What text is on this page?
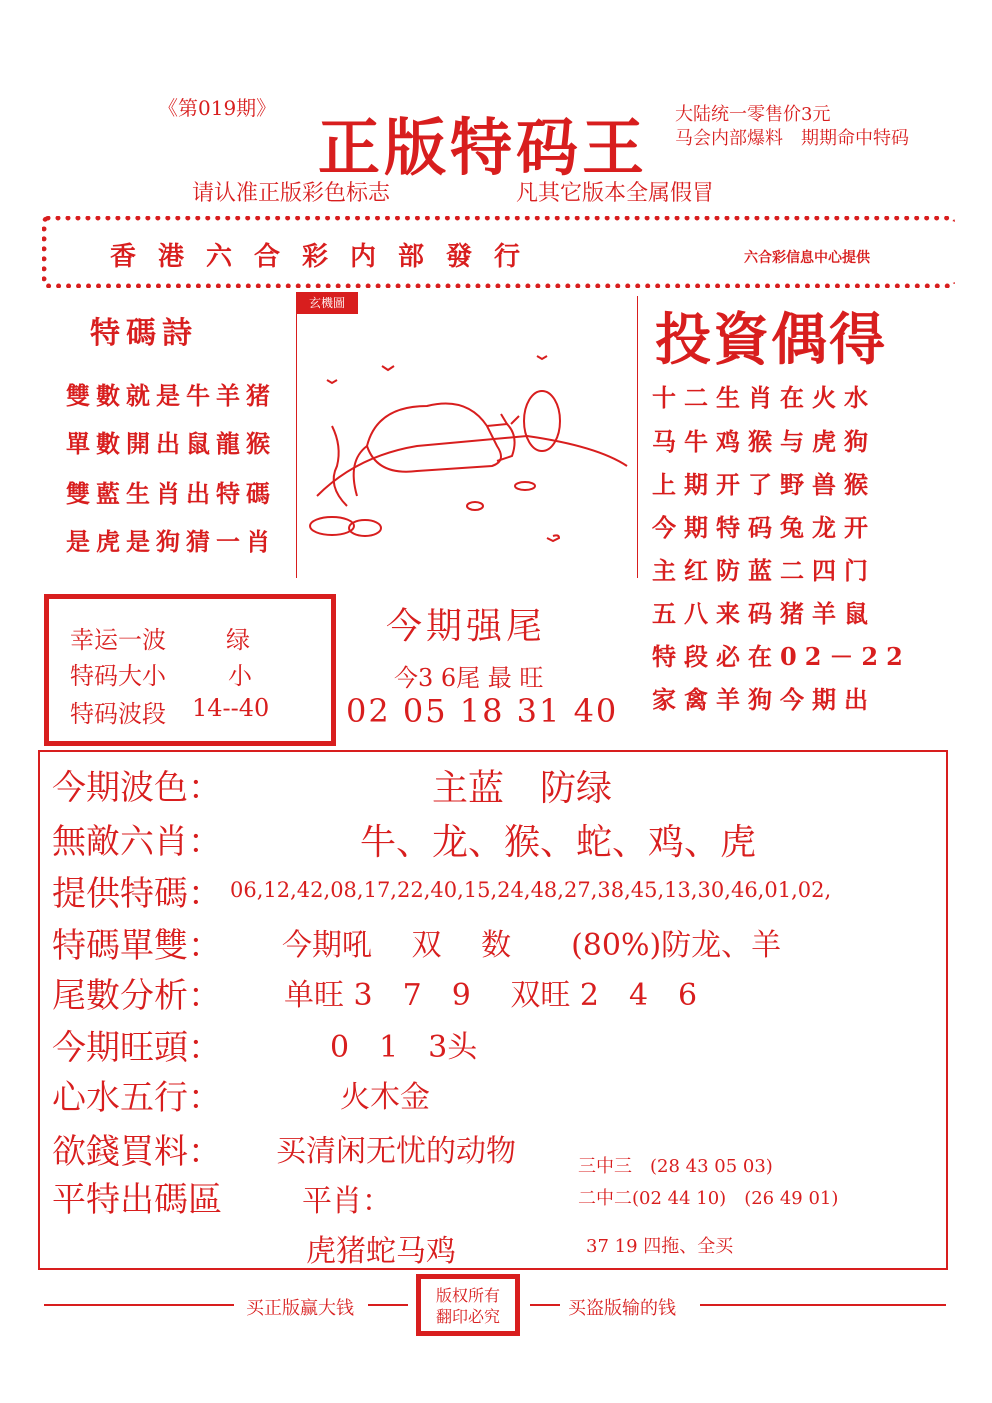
《第019期》
正版特码王 大陆统一零售价3元
马会内部爆料　期期命中特码
请认准正版彩色标志	凡其它版本全属假冒
香港六合彩内部發行	六合彩信息中心提供
特碼詩
雙數就是牛羊猪
單數開出鼠龍猴
雙藍生肖出特碼
是虎是狗猜一肖
玄機圖
投資偶得
十二生肖在火水
马牛鸡猴与虎狗
上期开了野兽猴
今期特码兔龙开
主红防蓝二四门
五八来码猪羊鼠
特段必在02－22
家禽羊狗今期出
幸运一波	绿
特码大小	小
特码波段 14--40
今期强尾
今3 6尾 最 旺
02 05 18 31 40
今期波色：	主蓝　防绿
無敵六肖：	牛、龙、猴、蛇、鸡、虎
提供特碼： 06,12,42,08,17,22,40,15,24,48,27,38,45,13,30,46,01,02,
特碼單雙： 今期吼　 双　 数　　(80%)防龙、羊
尾數分析： 单旺 3　7　9　 双旺 2　4　6
今期旺頭：	0　1　3头
心水五行：	火木金
欲錢買料： 买清闲无忧的动物
平特出碼區	平肖：
虎猪蛇马鸡
三中三　(28 43 05 03)
二中二(02 44 10)　(26 49 01)
37 19 四拖、全买
买正版赢大钱
版权所有
翻印必究	买盗版输的钱
